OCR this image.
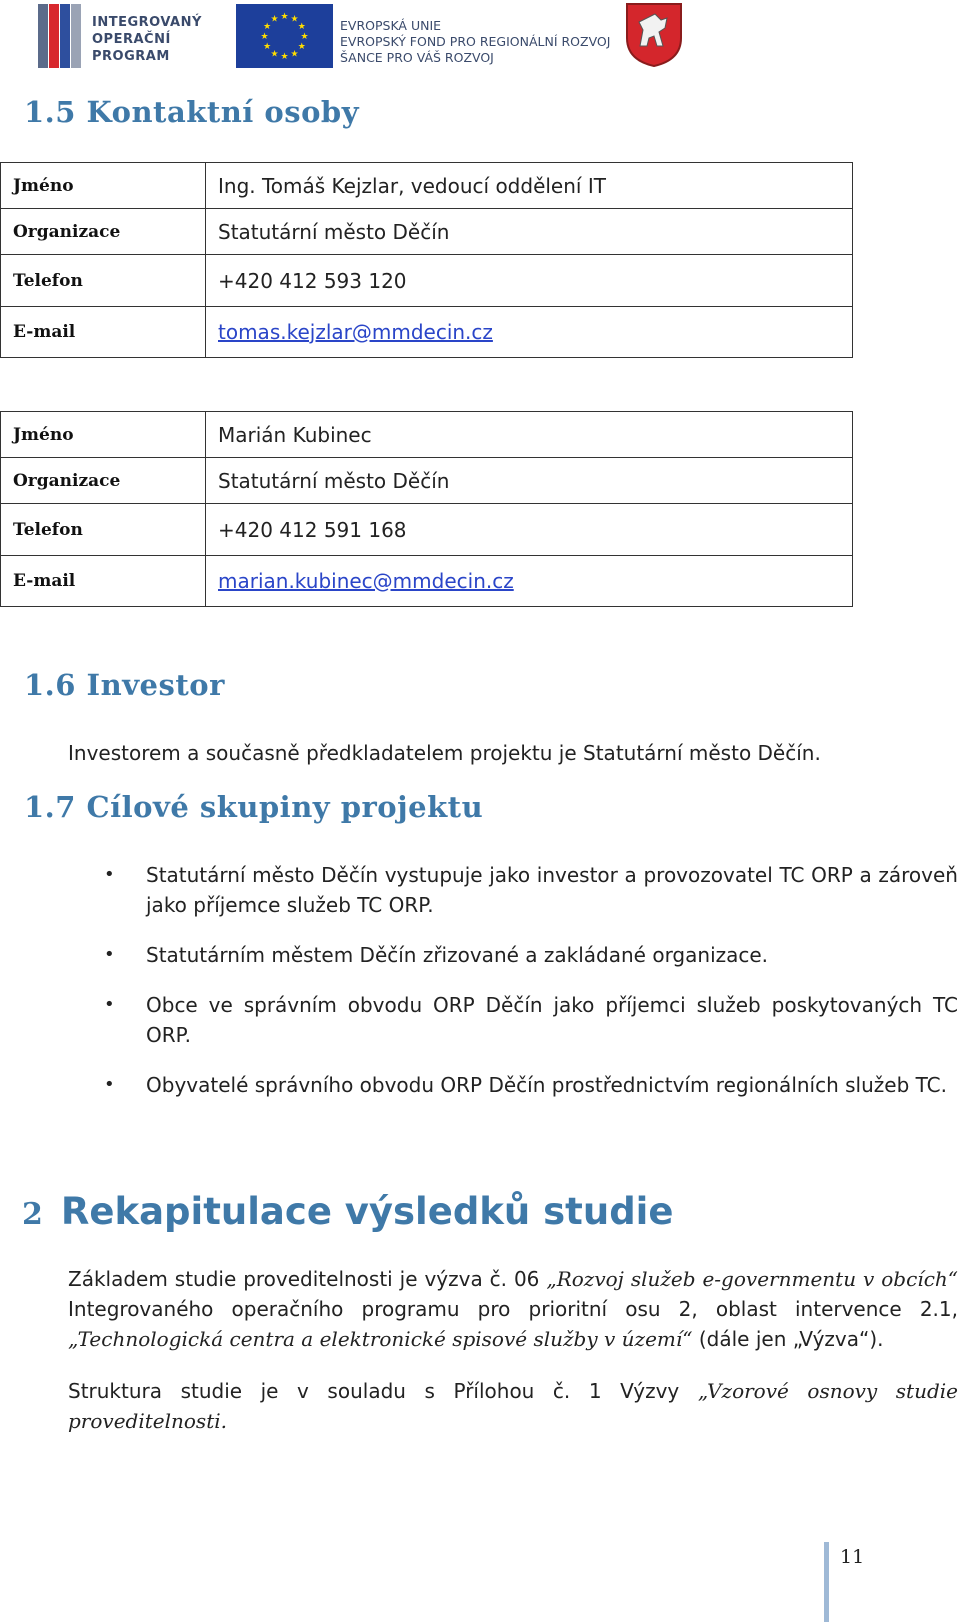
INTEGROVANÝ
OPERAČNÍ
PROGRAM
★ ★
★
★
★
★
★
★
★
★
★
★	EVROPSKÁ UNIE
EVROPSKÝ FOND PRO REGIONÁLNÍ ROZVOJ
ŠANCE PRO VÁŠ ROZVOJ
1.5 Kontaktní osoby
Jméno	Ing. Tomáš Kejzlar, vedoucí oddělení IT
Organizace	Statutární město Děčín
Telefon	+420 412 593 120
E-mail	tomas.kejzlar@mmdecin.cz
Jméno	Marián Kubinec
Organizace	Statutární město Děčín
Telefon	+420 412 591 168
E-mail	marian.kubinec@mmdecin.cz
1.6 Investor
Investorem a současně předkladatelem projektu je Statutární město Děčín.
1.7 Cílové skupiny projektu
• Statutární město Děčín vystupuje jako investor a provozovatel TC ORP a zároveň jako příjemce služeb TC ORP.
• Statutárním městem Děčín zřizované a zakládané organizace.
• Obce ve správním obvodu ORP Děčín jako příjemci služeb poskytovaných TC ORP.
• Obyvatelé správního obvodu ORP Děčín prostřednictvím regionálních služeb TC.
2 Rekapitulace výsledků studie
Základem studie proveditelnosti je výzva č. 06 „Rozvoj služeb e-governmentu v obcích“ Integrovaného operačního programu pro prioritní osu 2, oblast intervence 2.1, „Technologická centra a elektronické spisové služby v území“ (dále jen „Výzva“).
Struktura studie je v souladu s Přílohou č. 1 Výzvy „Vzorové osnovy studie proveditelnosti.
11
